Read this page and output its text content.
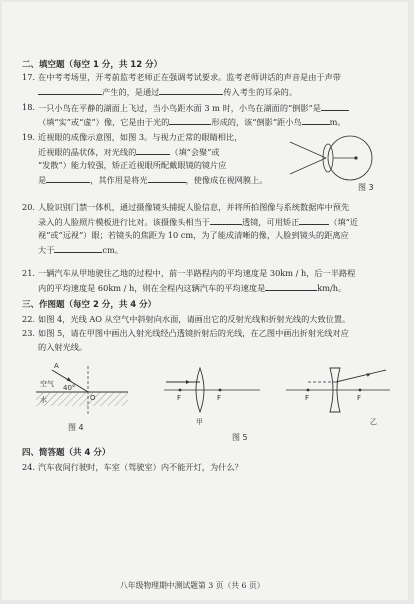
二、填空题（每空 1 分，共 12 分）
17. 在中考考场里，开考前监考老师正在强调考试要求。监考老师讲话的声音是由于声带
产生的，是通过	传入考生的耳朵的。
18. 一只小鸟在平静的湖面上飞过，当小鸟距水面 3 m 时，小鸟在湖面的“倒影”是
（填“实”或“虚”）像，它是由于光的	形成的，该“倒影”距小鸟	m。
19. 近视眼的成像示意图，如图 3。与视力正常的眼睛相比，
近视眼的晶状体，对光线的	（填“会聚”或
“发散”）能力较强，矫正近视眼所配戴眼镜的镜片应
是	，其作用是将光	，使像成在视网膜上。
图 3
20. 人脸识别门禁一体机，通过摄像镜头捕捉人脸信息，并将所拍图像与系统数据库中预先
录入的人脸照片模板进行比对。该摄像头相当于	透镜，可用矫正	（填“近
视”或“远视”）眼；若镜头的焦距为 10 cm，为了能成清晰的像，人脸到镜头的距离应
大于	cm。
21. 一辆汽车从甲地驶往乙地的过程中，前一半路程内的平均速度是 30km / h，后一半路程
内的平均速度是 60km / h，则在全程内这辆汽车的平均速度是	km/h。
三、作图题（每空 2 分，共 4 分）
22. 如图 4，光线 AO 从空气中斜射向水面，请画出它的反射光线和折射光线的大致位置。
23. 如图 5，请在甲图中画出入射光线经凸透镜折射后的光线，在乙图中画出折射光线对应
的入射光线。
A
空气
水
40°
O
图 4
F	F
甲
F	F
乙
图 5
四、简答题（共 4 分）
24. 汽车夜间行驶时，车室（驾驶室）内不能开灯，为什么？
八年级物理期中测试题第 3 页（共 6 页）
